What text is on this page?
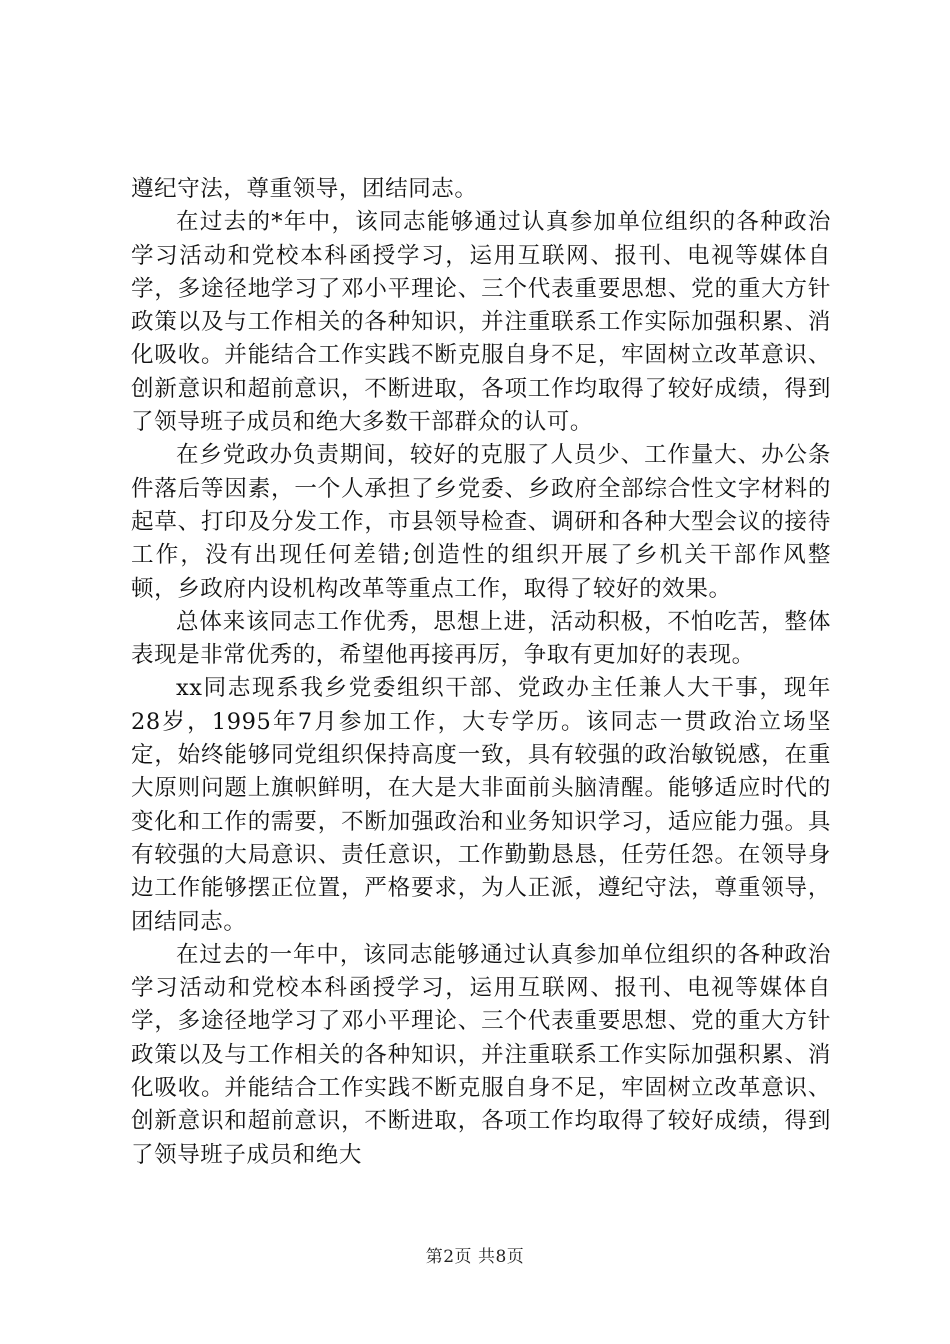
遵纪守法，尊重领导，团结同志。

在过去的*年中，该同志能够通过认真参加单位组织的各种政治学习活动和党校本科函授学习，运用互联网、报刊、电视等媒体自学，多途径地学习了邓小平理论、三个代表重要思想、党的重大方针政策以及与工作相关的各种知识，并注重联系工作实际加强积累、消化吸收。并能结合工作实践不断克服自身不足，牢固树立改革意识、创新意识和超前意识，不断进取，各项工作均取得了较好成绩，得到了领导班子成员和绝大多数干部群众的认可。

在乡党政办负责期间，较好的克服了人员少、工作量大、办公条件落后等因素，一个人承担了乡党委、乡政府全部综合性文字材料的起草、打印及分发工作，市县领导检查、调研和各种大型会议的接待工作，没有出现任何差错;创造性的组织开展了乡机关干部作风整顿，乡政府内设机构改革等重点工作，取得了较好的效果。

总体来该同志工作优秀，思想上进，活动积极，不怕吃苦，整体表现是非常优秀的，希望他再接再厉，争取有更加好的表现。

xx同志现系我乡党委组织干部、党政办主任兼人大干事，现年28岁，1995年7月参加工作，大专学历。该同志一贯政治立场坚定，始终能够同党组织保持高度一致，具有较强的政治敏锐感，在重大原则问题上旗帜鲜明，在大是大非面前头脑清醒。能够适应时代的变化和工作的需要，不断加强政治和业务知识学习，适应能力强。具有较强的大局意识、责任意识，工作勤勤恳恳，任劳任怨。在领导身边工作能够摆正位置，严格要求，为人正派，遵纪守法，尊重领导，团结同志。

在过去的一年中，该同志能够通过认真参加单位组织的各种政治学习活动和党校本科函授学习，运用互联网、报刊、电视等媒体自学，多途径地学习了邓小平理论、三个代表重要思想、党的重大方针政策以及与工作相关的各种知识，并注重联系工作实际加强积累、消化吸收。并能结合工作实践不断克服自身不足，牢固树立改革意识、创新意识和超前意识，不断进取，各项工作均取得了较好成绩，得到了领导班子成员和绝大

第2页 共8页
